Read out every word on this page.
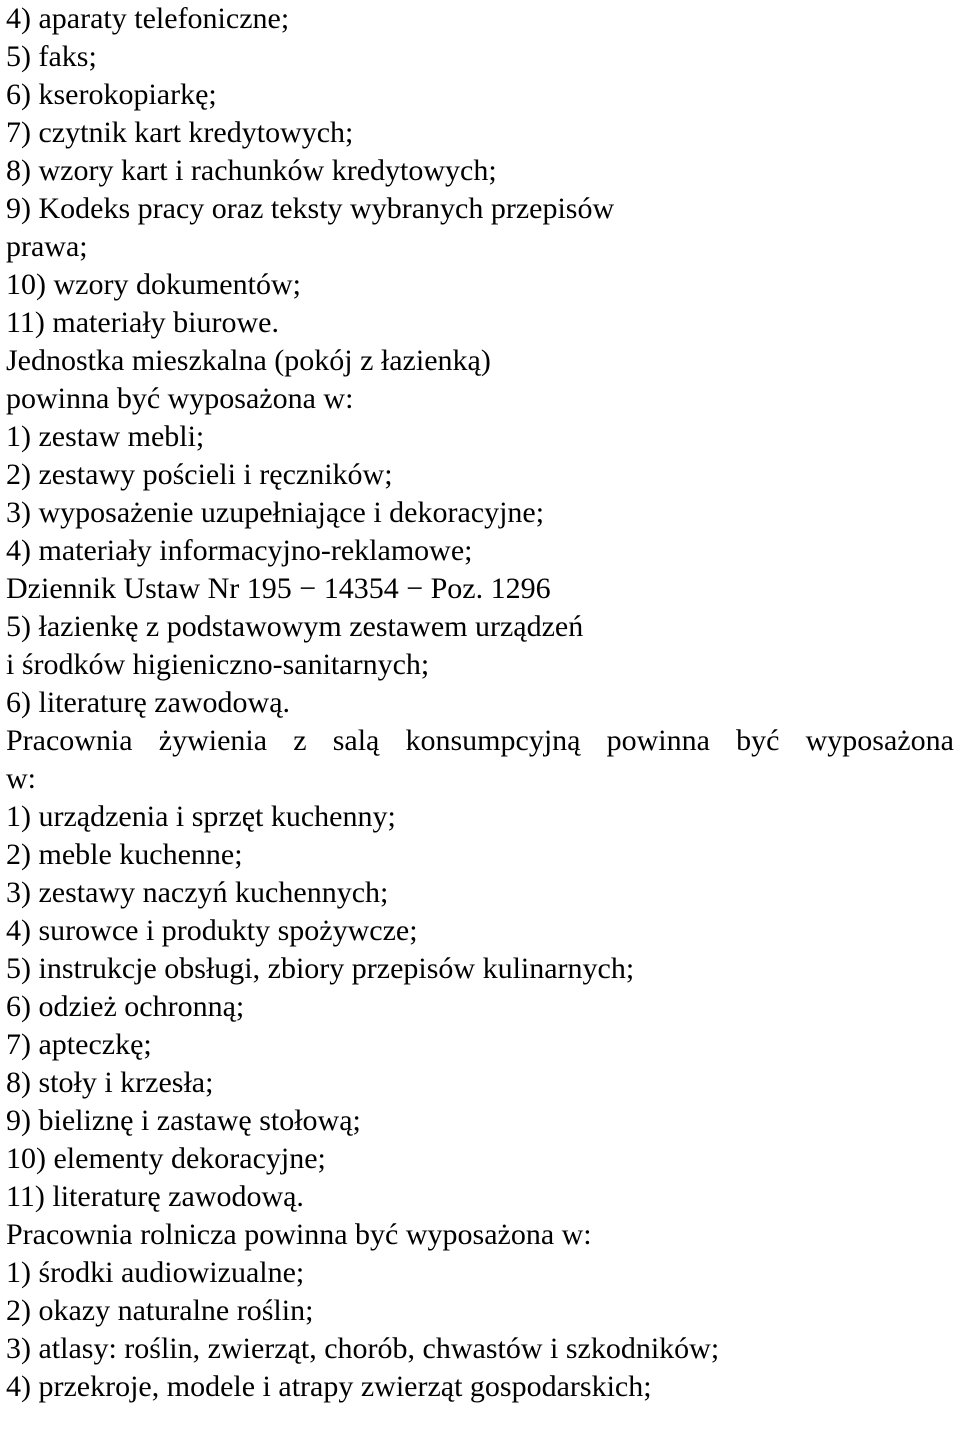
4) aparaty telefoniczne;
5) faks;
6) kserokopiarkę;
7) czytnik kart kredytowych;
8) wzory kart i rachunków kredytowych;
9) Kodeks pracy oraz teksty wybranych przepisów
prawa;
10) wzory dokumentów;
11) materiały biurowe.
Jednostka mieszkalna (pokój z łazienką)
powinna być wyposażona w:
1) zestaw mebli;
2) zestawy pościeli i ręczników;
3) wyposażenie uzupełniające i dekoracyjne;
4) materiały informacyjno-reklamowe;
Dziennik Ustaw Nr 195 − 14354 − Poz. 1296
5) łazienkę z podstawowym zestawem urządzeń
i środków higieniczno-sanitarnych;
6) literaturę zawodową.
Pracownia żywienia z salą konsumpcyjną powinna być wyposażona
w:
1) urządzenia i sprzęt kuchenny;
2) meble kuchenne;
3) zestawy naczyń kuchennych;
4) surowce i produkty spożywcze;
5) instrukcje obsługi, zbiory przepisów kulinarnych;
6) odzież ochronną;
7) apteczkę;
8) stoły i krzesła;
9) bieliznę i zastawę stołową;
10) elementy dekoracyjne;
11) literaturę zawodową.
Pracownia rolnicza powinna być wyposażona w:
1) środki audiowizualne;
2) okazy naturalne roślin;
3) atlasy: roślin, zwierząt, chorób, chwastów i szkodników;
4) przekroje, modele i atrapy zwierząt gospodarskich;
